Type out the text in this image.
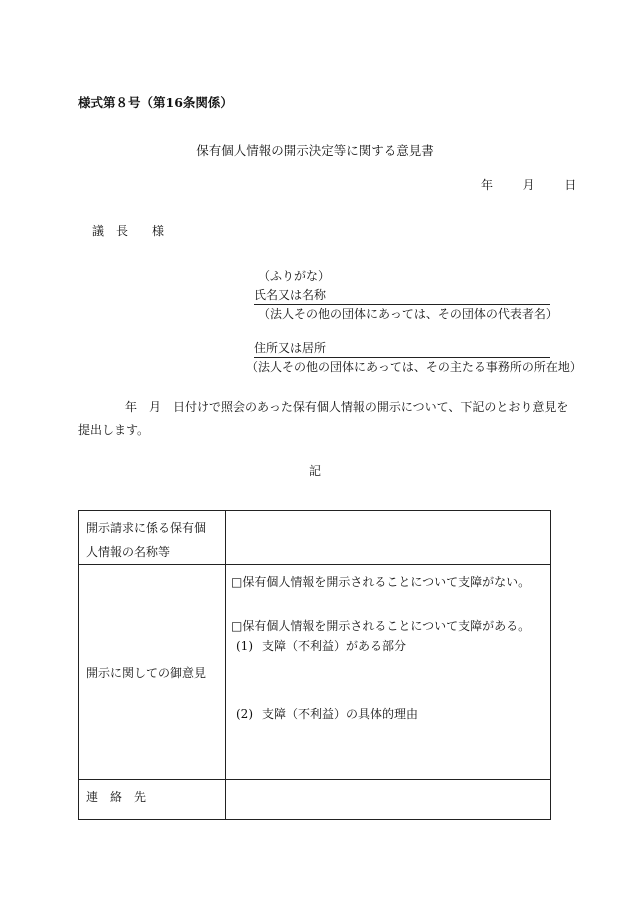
様式第８号（第16条関係）
保有個人情報の開示決定等に関する意見書
年 月 日
議　長　　様
（ふりがな）
氏名又は名称
（法人その他の団体にあっては、その団体の代表者名）
住所又は居所
（法人その他の団体にあっては、その主たる事務所の所在地）
年　月　日付けで照会のあった保有個人情報の開示について、下記のとおり意見を
提出します。
記
開示請求に係る保有個
人情報の名称等	

開示に関しての御意見	□保有個人情報を開示されることについて支障がない。
□保有個人情報を開示されることについて支障がある。
(1) 支障（不利益）がある部分
(2) 支障（不利益）の具体的理由

連　絡　先	
